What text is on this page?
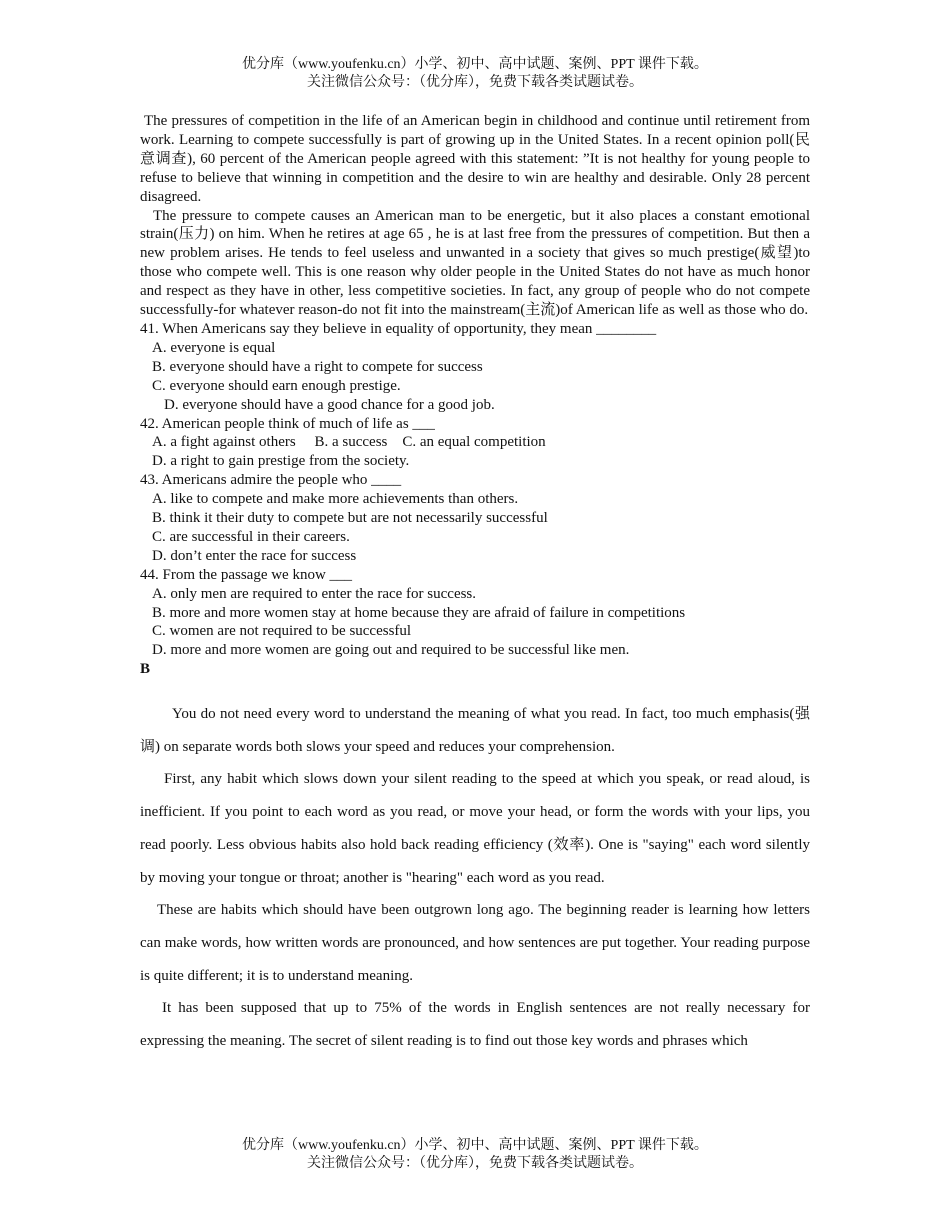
优分库（www.youfenku.cn）小学、初中、高中试题、案例、PPT 课件下载。
关注微信公众号：（优分库），免费下载各类试题试卷。

The pressures of competition in the life of an American begin in childhood and continue until retirement from work. Learning to compete successfully is part of growing up in the United States. In a recent opinion poll(民意调查), 60 percent of the American people agreed with this statement: ”It is not healthy for young people to refuse to believe that winning in competition and the desire to win are healthy and desirable. Only 28 percent disagreed.

The pressure to compete causes an American man to be energetic, but it also places a constant emotional strain(压力) on him. When he retires at age 65 , he is at last free from the pressures of competition. But then a new problem arises. He tends to feel useless and unwanted in a society that gives so much prestige(威望)to those who compete well. This is one reason why older people in the United States do not have as much honor and respect as they have in other, less competitive societies. In fact, any group of people who do not compete successfully-for whatever reason-do not fit into the mainstream(主流)of American life as well as those who do.

41. When Americans say they believe in equality of opportunity, they mean ________

A. everyone is equal

B. everyone should have a right to compete for success

C. everyone should earn enough prestige.

D. everyone should have a good chance for a good job.

42. American people think of much of life as ___

A. a fight against others     B. a success    C. an equal competition

D. a right to gain prestige from the society.

43. Americans admire the people who ____

A. like to compete and make more achievements than others.

B. think it their duty to compete but are not necessarily successful

C. are successful in their careers.

D. don’t enter the race for success

44. From the passage we know ___

A. only men are required to enter the race for success.

B. more and more women stay at home because they are afraid of failure in competitions

C. women are not required to be successful

D. more and more women are going out and required to be successful like men.

B

You do not need every word to understand the meaning of what you read. In fact, too much emphasis(强调) on separate words both slows your speed and reduces your comprehension.

First, any habit which slows down your silent reading to the speed at which you speak, or read aloud, is inefficient. If you point to each word as you read, or move your head, or form the words with your lips, you read poorly. Less obvious habits also hold back reading efficiency (效率). One is "saying" each word silently by moving your tongue or throat; another is "hearing" each word as you read.

These are habits which should have been outgrown long ago. The beginning reader is learning how letters can make words, how written words are pronounced, and how sentences are put together. Your reading purpose is quite different; it is to understand meaning.

It has been supposed that up to 75% of the words in English sentences are not really necessary for expressing the meaning. The secret of silent reading is to find out those key words and phrases which

优分库（www.youfenku.cn）小学、初中、高中试题、案例、PPT 课件下载。
关注微信公众号：（优分库），免费下载各类试题试卷。
